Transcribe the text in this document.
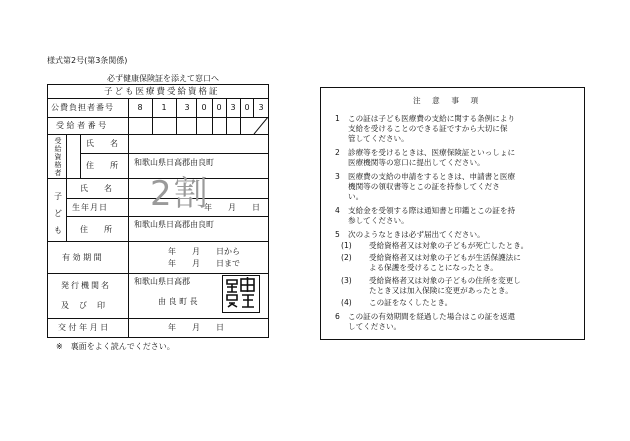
様式第2号(第3条関係)
必ず健康保険証を添えて窓口へ
子ども医療費受給資格証
公費負担者番号	8	1	3	0	0	3	0	3
受 給 者 番 号
受給資格者
氏　名
住　所 和歌山県日高郡由良町
子ども
氏　名
生年月日	年　　月　　日
住　所
和歌山県日高郡由良町
2割
有 効 期 間
年　　月　　日から
年　　月　　日まで
発行機関名
及　び　印
和歌山県日高郡
由 良 町 長
交 付 年 月 日	年　　月　　日
※　裏面をよく読んでください。
注　意　事　項
1 この証は子ども医療費の支給に関する条例により
支給を受けることのできる証ですから大切に保
管してください。
2 診療等を受けるときは、医療保険証といっしょに
医療機関等の窓口に提出してください。
3 医療費の支給の申請をするときは、申請書と医療
機関等の領収書等とこの証を持参してくださ
い。
4 支給金を受領する際は通知書と印鑑とこの証を持
参してください。
5 次のようなときは必ず届出てください。
(1) 受給資格者又は対象の子どもが死亡したとき。
(2) 受給資格者又は対象の子どもが生活保護法に
よる保護を受けることになったとき。
(3) 受給資格者又は対象の子どもの住所を変更し
たとき又は加入保険に変更があったとき。
(4) この証をなくしたとき。
6 この証の有効期間を経過した場合はこの証を返還
してください。
